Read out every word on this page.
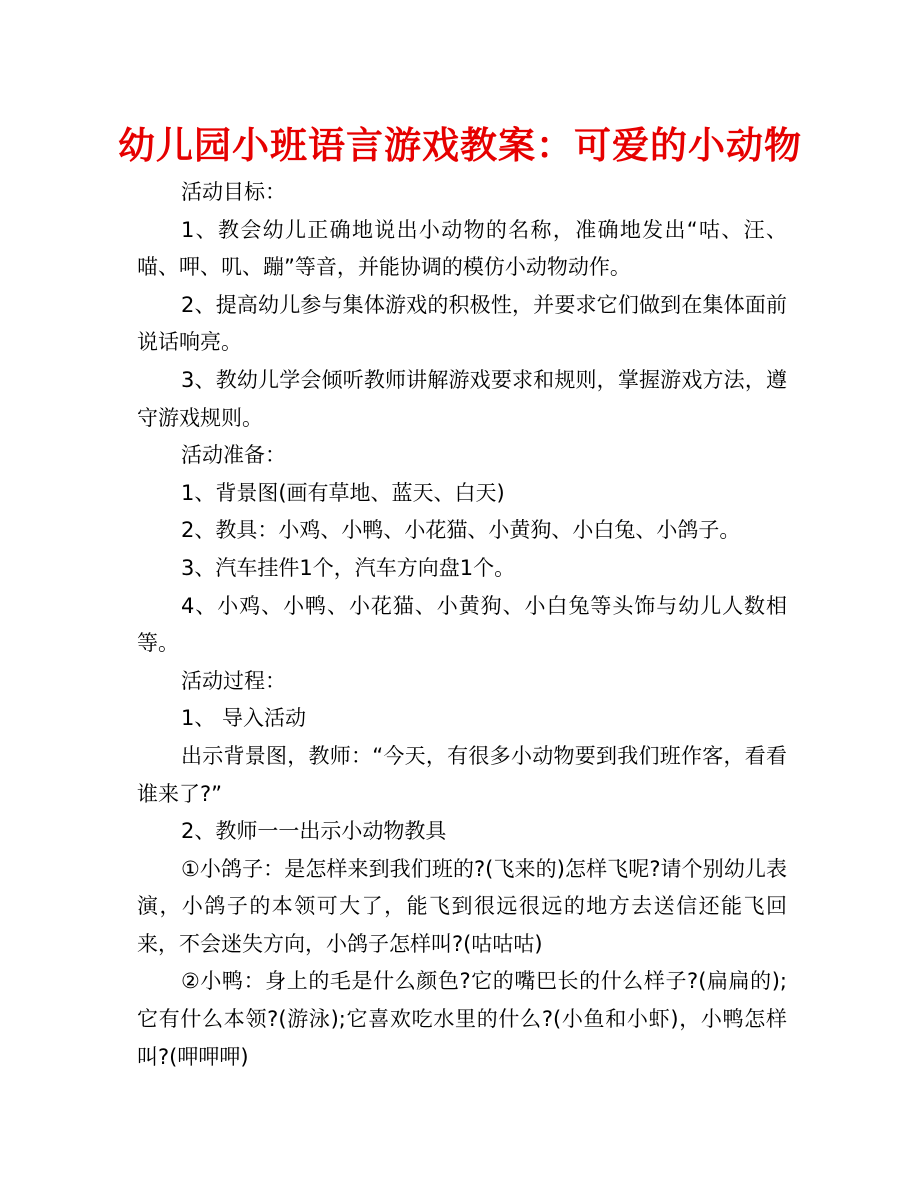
幼儿园小班语言游戏教案：可爱的小动物

活动目标：

1、教会幼儿正确地说出小动物的名称，准确地发出“咕、汪、喵、呷、叽、蹦”等音，并能协调的模仿小动物动作。

2、提高幼儿参与集体游戏的积极性，并要求它们做到在集体面前说话响亮。

3、教幼儿学会倾听教师讲解游戏要求和规则，掌握游戏方法，遵守游戏规则。

活动准备：

1、背景图(画有草地、蓝天、白天)

2、教具：小鸡、小鸭、小花猫、小黄狗、小白兔、小鸽子。

3、汽车挂件1个，汽车方向盘1个。

4、小鸡、小鸭、小花猫、小黄狗、小白兔等头饰与幼儿人数相等。

活动过程：

1、 导入活动

出示背景图，教师：“今天，有很多小动物要到我们班作客，看看谁来了?”

2、教师一一出示小动物教具

①小鸽子：是怎样来到我们班的?(飞来的)怎样飞呢?请个别幼儿表演，小鸽子的本领可大了，能飞到很远很远的地方去送信还能飞回来，不会迷失方向，小鸽子怎样叫?(咕咕咕)

②小鸭：身上的毛是什么颜色?它的嘴巴长的什么样子?(扁扁的);它有什么本领?(游泳);它喜欢吃水里的什么?(小鱼和小虾)，小鸭怎样叫?(呷呷呷)
